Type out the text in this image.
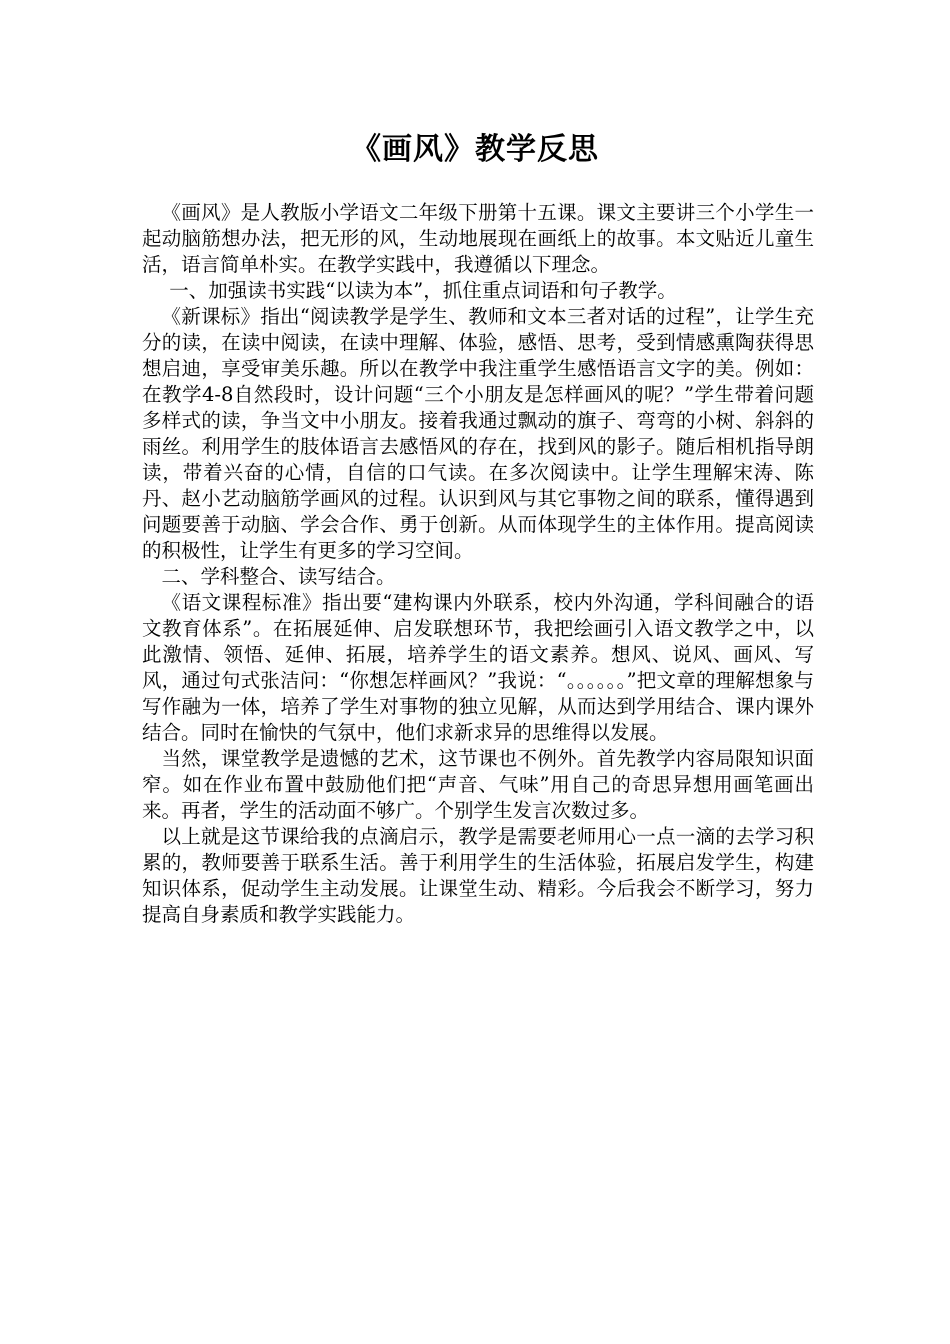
《画风》教学反思

《画风》是人教版小学语文二年级下册第十五课。课文主要讲三个小学生一起动脑筋想办法，把无形的风，生动地展现在画纸上的故事。本文贴近儿童生活，语言简单朴实。在教学实践中，我遵循以下理念。

一、加强读书实践“以读为本”，抓住重点词语和句子教学。

《新课标》指出“阅读教学是学生、教师和文本三者对话的过程”，让学生充分的读，在读中阅读，在读中理解、体验，感悟、思考，受到情感熏陶获得思想启迪，享受审美乐趣。所以在教学中我注重学生感悟语言文字的美。例如：在教学4-8自然段时，设计问题“三个小朋友是怎样画风的呢？”学生带着问题多样式的读，争当文中小朋友。接着我通过飘动的旗子、弯弯的小树、斜斜的雨丝。利用学生的肢体语言去感悟风的存在，找到风的影子。随后相机指导朗读，带着兴奋的心情，自信的口气读。在多次阅读中。让学生理解宋涛、陈丹、赵小艺动脑筋学画风的过程。认识到风与其它事物之间的联系，懂得遇到问题要善于动脑、学会合作、勇于创新。从而体现学生的主体作用。提高阅读的积极性，让学生有更多的学习空间。

二、学科整合、读写结合。

《语文课程标准》指出要“建构课内外联系，校内外沟通，学科间融合的语文教育体系”。在拓展延伸、启发联想环节，我把绘画引入语文教学之中，以此激情、领悟、延伸、拓展，培养学生的语文素养。想风、说风、画风、写风，通过句式张洁问：“你想怎样画风？”我说：“。。。。。。”把文章的理解想象与写作融为一体，培养了学生对事物的独立见解，从而达到学用结合、课内课外结合。同时在愉快的气氛中，他们求新求异的思维得以发展。

当然，课堂教学是遗憾的艺术，这节课也不例外。首先教学内容局限知识面窄。如在作业布置中鼓励他们把“声音、气味”用自己的奇思异想用画笔画出来。再者，学生的活动面不够广。个别学生发言次数过多。

以上就是这节课给我的点滴启示，教学是需要老师用心一点一滴的去学习积累的，教师要善于联系生活。善于利用学生的生活体验，拓展启发学生，构建知识体系，促动学生主动发展。让课堂生动、精彩。今后我会不断学习，努力提高自身素质和教学实践能力。
